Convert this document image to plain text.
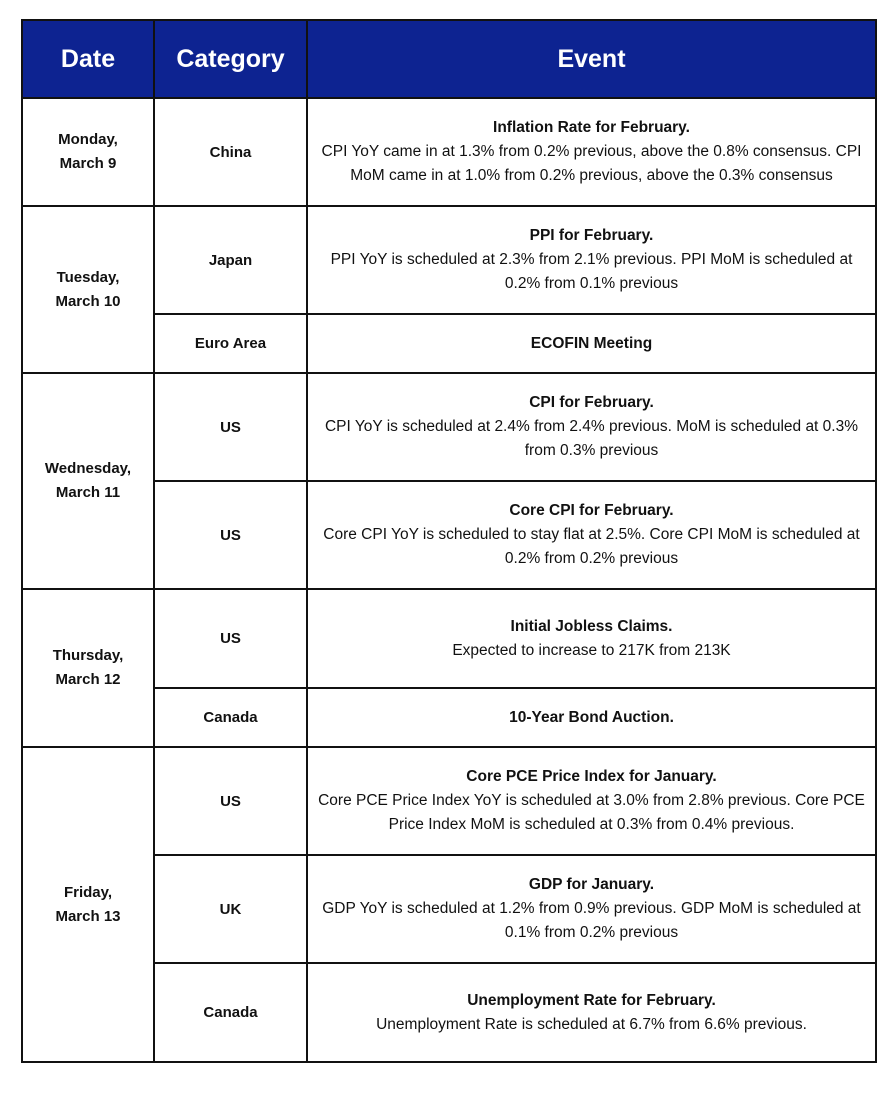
Date	Category	Event

Monday,
March 9	China	Inflation Rate for February.
CPI YoY came in at 1.3% from 0.2% previous, above the 0.8% consensus. CPI MoM came in at 1.0% from 0.2% previous, above the 0.3% consensus

Tuesday,
March 10	Japan	PPI for February.
PPI YoY is scheduled at 2.3% from 2.1% previous. PPI MoM is scheduled at 0.2% from 0.1% previous

	Euro Area	ECOFIN Meeting

Wednesday,
March 11	US	CPI for February.
CPI YoY is scheduled at 2.4% from 2.4% previous. MoM is scheduled at 0.3% from 0.3% previous

	US	Core CPI for February.
Core CPI YoY is scheduled to stay flat at 2.5%. Core CPI MoM is scheduled at 0.2% from 0.2% previous

Thursday,
March 12	US	Initial Jobless Claims.
Expected to increase to 217K from 213K

	Canada	10-Year Bond Auction.

Friday,
March 13	US	Core PCE Price Index for January.
Core PCE Price Index YoY is scheduled at 3.0% from 2.8% previous. Core PCE Price Index MoM is scheduled at 0.3% from 0.4% previous.

	UK	GDP for January.
GDP YoY is scheduled at 1.2% from 0.9% previous. GDP MoM is scheduled at 0.1% from 0.2% previous

	Canada	Unemployment Rate for February.
Unemployment Rate is scheduled at 6.7% from 6.6% previous.
